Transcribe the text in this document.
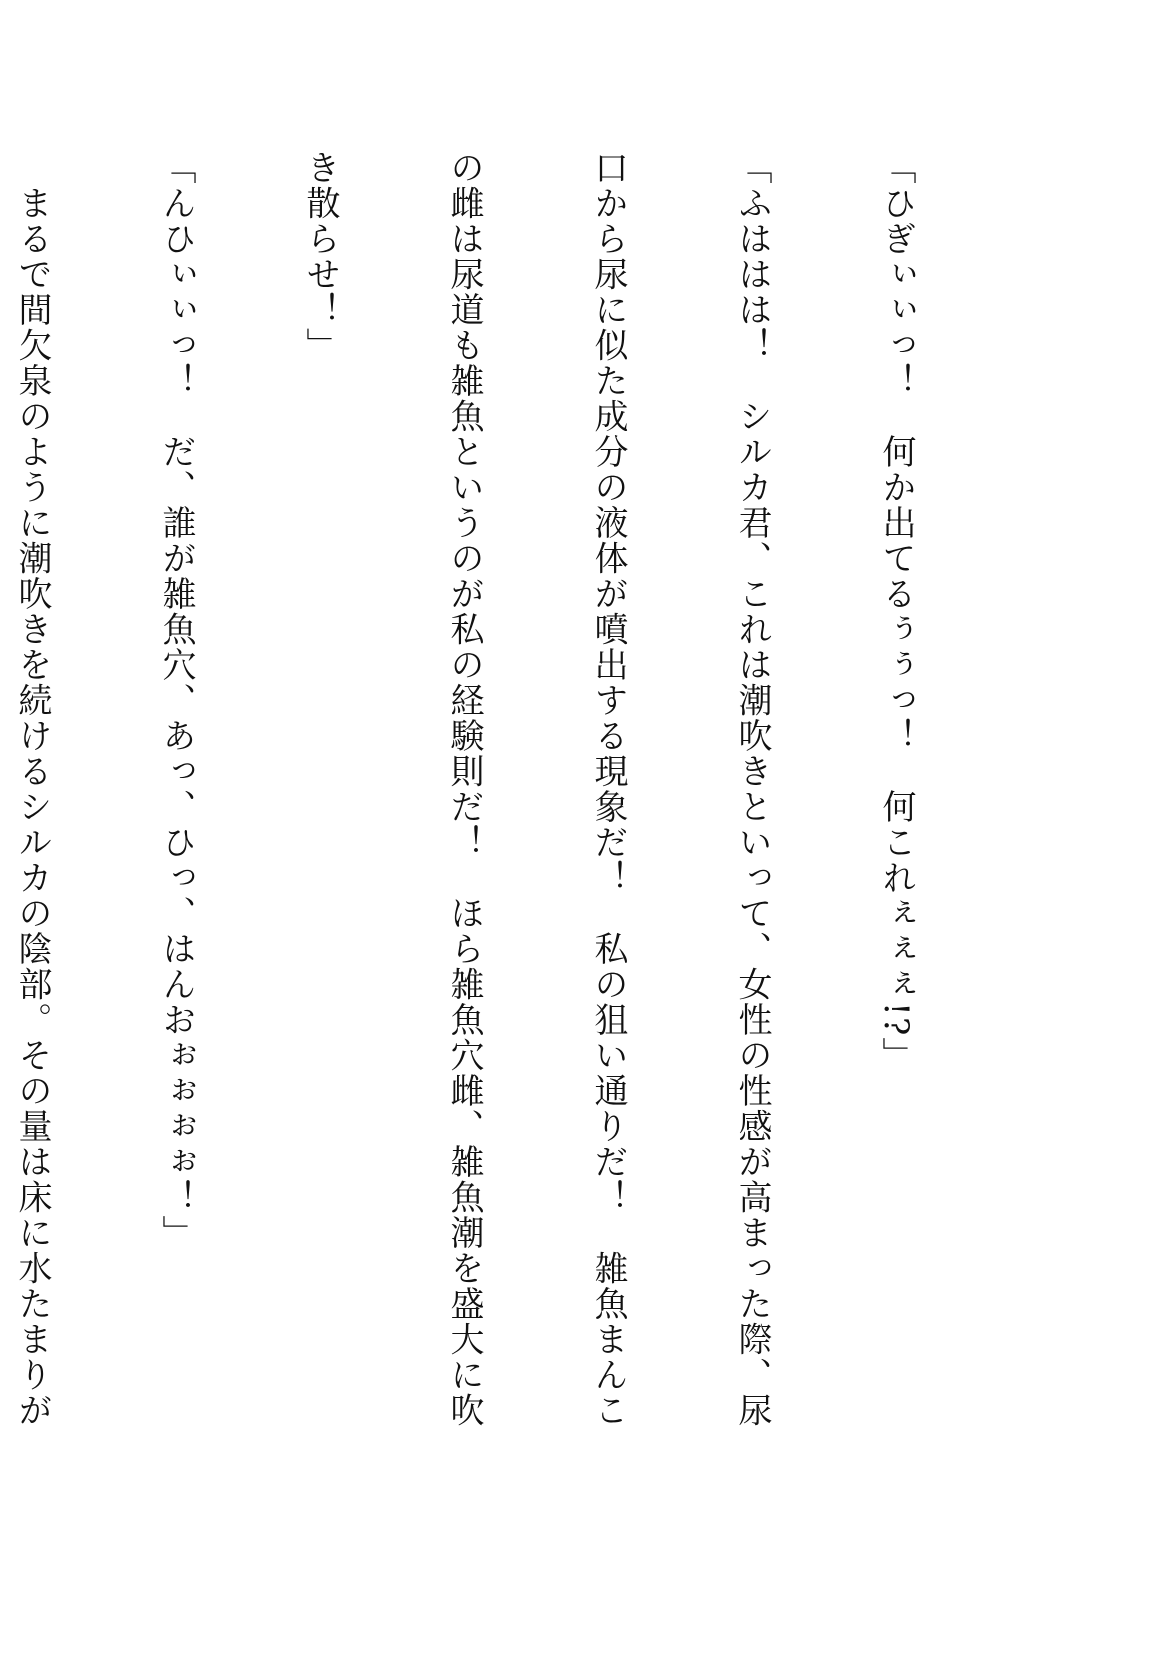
「ひぎぃぃっ！　何か出てるぅぅっ！　何これぇぇぇ!?」

「ふははは！　シルカ君、これは潮吹きといって、女性の性感が高まった際、尿

口から尿に似た成分の液体が噴出する現象だ！　私の狙い通りだ！　雑魚まんこ

の雌は尿道も雑魚というのが私の経験則だ！　ほら雑魚穴雌、雑魚潮を盛大に吹

き散らせ！」

「んひぃぃっ！　だ、誰が雑魚穴、あっ、ひっ、はんおぉぉぉぉ！」

　まるで間欠泉のように潮吹きを続けるシルカの陰部。その量は床に水たまりが
